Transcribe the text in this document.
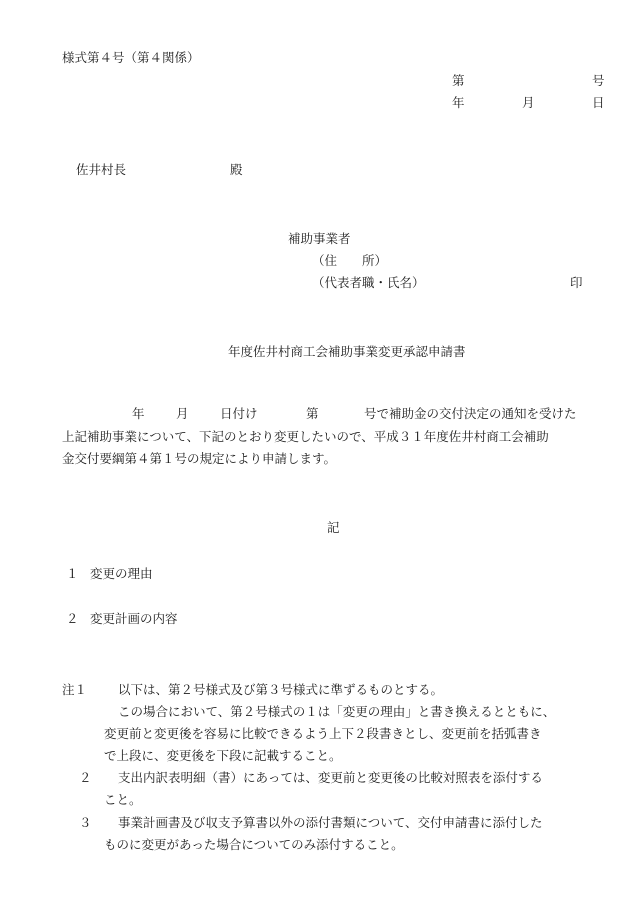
様式第４号（第４関係）
第	号
年	月	日
佐井村長	殿
補助事業者
（住　　所）
（代表者職・氏名）	印
年度佐井村商工会補助事業変更承認申請書
年	月	日付け	第	号で補助金の交付決定の通知を受けた
上記補助事業について、下記のとおり変更したいので、平成３１年度佐井村商工会補助
金交付要綱第４第１号の規定により申請します。
記
１ 変更の理由
２ 変更計画の内容
注１ 以下は、第２号様式及び第３号様式に準ずるものとする。
この場合において、第２号様式の１は「変更の理由」と書き換えるとともに、
変更前と変更後を容易に比較できるよう上下２段書きとし、変更前を括弧書き
で上段に、変更後を下段に記載すること。
２ 支出内訳表明細（書）にあっては、変更前と変更後の比較対照表を添付する
こと。
３ 事業計画書及び収支予算書以外の添付書類について、交付申請書に添付した
ものに変更があった場合についてのみ添付すること。
